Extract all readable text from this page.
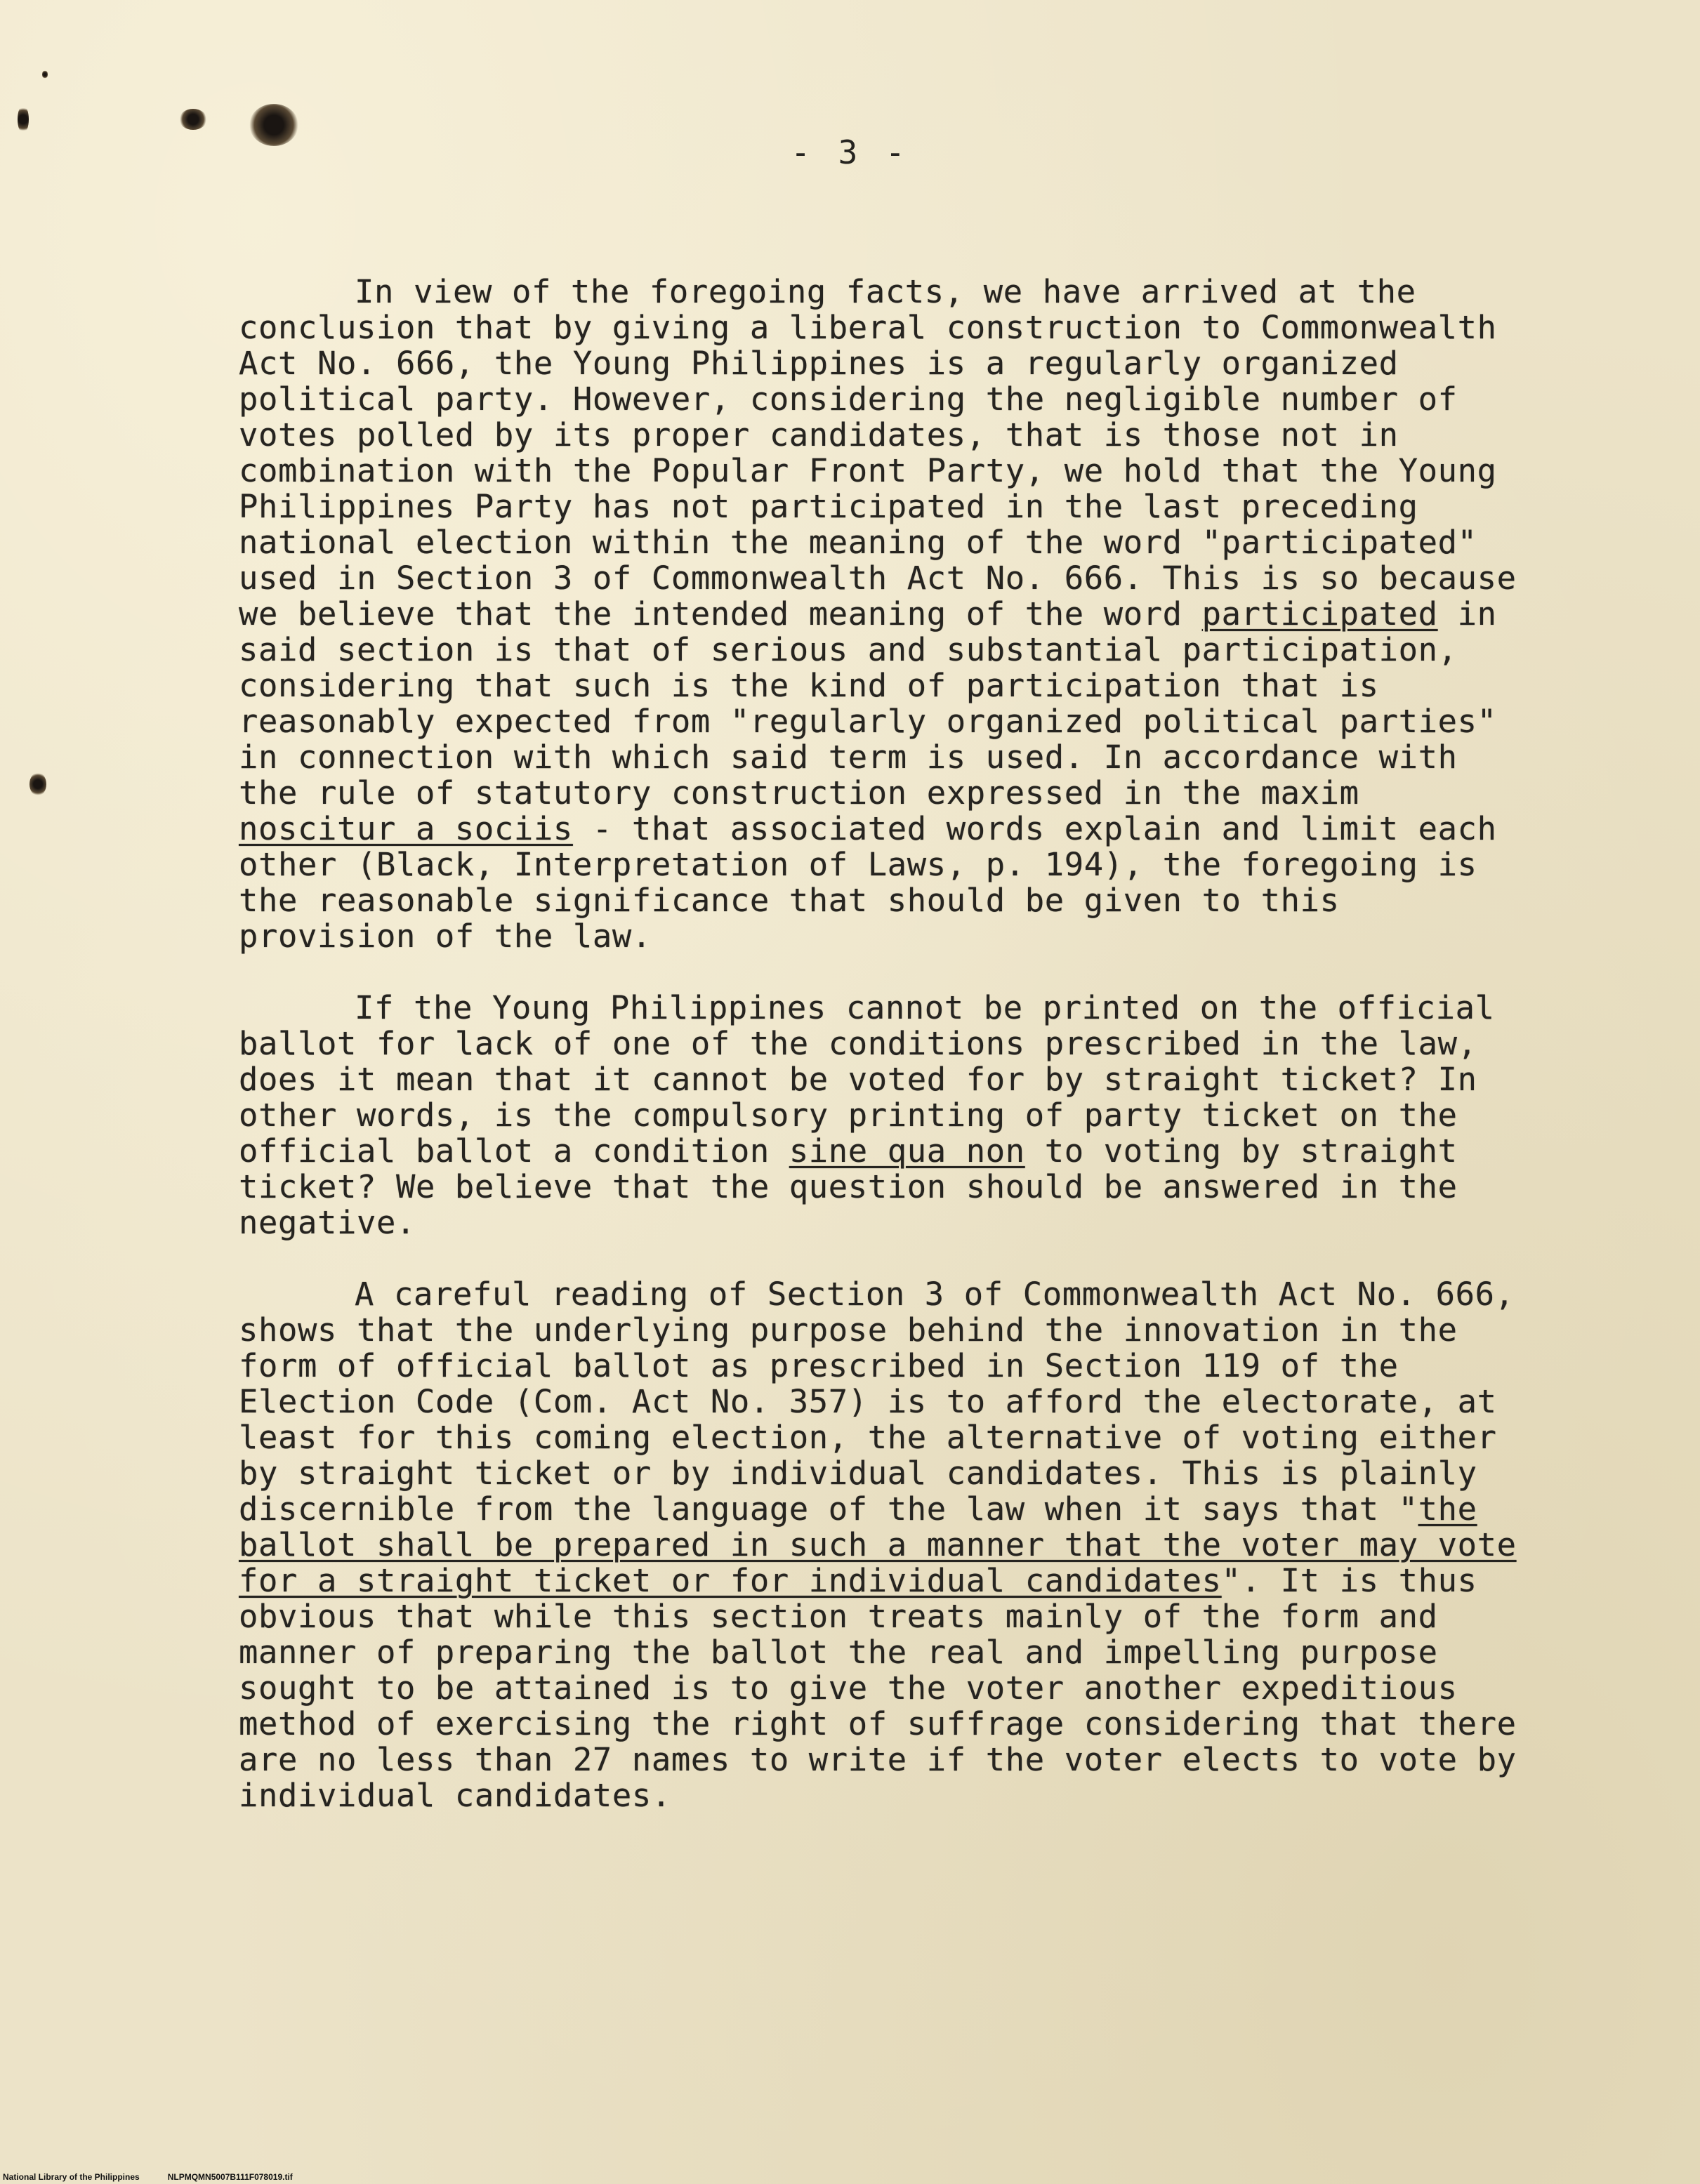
- 3 -

In view of the foregoing facts, we have arrived at the conclusion that by giving a liberal construction to Commonwealth Act No. 666, the Young Philippines is a regularly organized political party. However, considering the negligible number of votes polled by its proper candidates, that is those not in combination with the Popular Front Party, we hold that the Young Philippines Party has not participated in the last preceding national election within the meaning of the word "participated" used in Section 3 of Commonwealth Act No. 666. This is so because we believe that the intended meaning of the word participated in said section is that of serious and substantial participation, considering that such is the kind of participation that is reasonably expected from "regularly organized political parties" in connection with which said term is used. In accordance with the rule of statutory construction expressed in the maxim noscitur a sociis - that associated words explain and limit each other (Black, Interpretation of Laws, p. 194), the foregoing is the reasonable significance that should be given to this provision of the law.

If the Young Philippines cannot be printed on the official ballot for lack of one of the conditions prescribed in the law, does it mean that it cannot be voted for by straight ticket? In other words, is the compulsory printing of party ticket on the official ballot a condition sine qua non to voting by straight ticket? We believe that the question should be answered in the negative.

A careful reading of Section 3 of Commonwealth Act No. 666, shows that the underlying purpose behind the innovation in the form of official ballot as prescribed in Section 119 of the Election Code (Com. Act No. 357) is to afford the electorate, at least for this coming election, the alternative of voting either by straight ticket or by individual candidates. This is plainly discernible from the language of the law when it says that "the ballot shall be prepared in such a manner that the voter may vote for a straight ticket or for individual candidates". It is thus obvious that while this section treats mainly of the form and manner of preparing the ballot the real and impelling purpose sought to be attained is to give the voter another expeditious method of exercising the right of suffrage considering that there are no less than 27 names to write if the voter elects to vote by individual candidates.

National Library of the Philippines	NLPMQMN5007B111F078019.tif
